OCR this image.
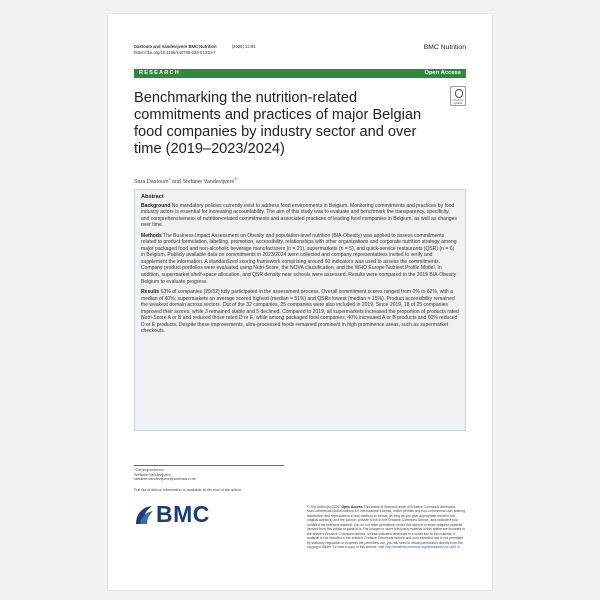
Dastoum and Vandevijvere BMC Nutrition	(2026) 12:84
https://doi.org/10.1186/s40795-026-01310-7
BMC Nutrition
RESEARCH	Open Access
Benchmarking the nutrition-related commitments and practices of major Belgian food companies by industry sector and over time (2019–2023/2024)
Check for updates
Sara Dastoum$^1$ and Stefanie Vandevijvere$^{1*}$
Abstract

Background No mandatory policies currently exist to address food environments in Belgium. Monitoring commitments and practices by food industry actors is essential for increasing accountability. The aim of this study was to evaluate and benchmark the transparency, specificity, and comprehensiveness of nutrition-related commitments and associated practices of leading food companies in Belgium, as well as changes over time.

Methods The Business Impact Assessment on Obesity and population-level nutrition (BIA-Obesity) was applied to assess commitments related to product formulation, labelling, promotion, accessibility, relationships with other organizations and corporate nutrition strategy among major packaged food and non-alcoholic beverage manufacturers (n = 21), supermarkets (n = 5), and quick-service restaurants (QSR) (n = 6) in Belgium. Publicly available data on commitments in 2023/2024 were collected and company representatives invited to verify and supplement the information. A standardized scoring framework comprising around 60 indicators was used to assess the commitments. Company product portfolios were evaluated using Nutri-Score, the NOVA classification, and the WHO Europe Nutrient Profile Model. In addition, supermarket shelf-space allocation, and QSR density near schools were assessed. Results were compared to the 2019 BIA-Obesity Belgium to evaluate progress.

Results 63% of companies (20/32) fully participated in the assessment process. Overall commitment scores ranged from 0% to 82%, with a median of 40%; supermarkets on average scored highest (median = 51%) and QSRs lowest (median = 15%). Product accessibility remained the weakest domain across sectors. Out of the 32 companies, 25 companies were also included in 2019. Since 2019, 18 of 25 companies improved their scores, while 3 remained stable and 5 declined. Compared to 2019, all supermarkets increased the proportion of products rated Nutri-Score A or B and reduced those rated D or E, while among packaged food companies, 40% increased A or B products and 60% reduced D or E products. Despite these improvements, ultra-processed foods remained prominent in high prominence areas, such as supermarket checkouts.

*Correspondence:
Stefanie Vandevijvere
stefanie.vandevijvere@sciensano.be
Full list of author information is available at the end of the article
BMC	© The Author(s) 2026. Open Access This article is licensed under a Creative Commons Attribution-NonCommercial-NoDerivatives 4.0 International License, which permits any non-commercial use, sharing, distribution and reproduction in any medium or format, as long as you give appropriate credit to the original author(s) and the source, provide a link to the Creative Commons licence, and indicate if you modified the licensed material. You do not have permission under this licence to share adapted material derived from this article or parts of it. The images or other third party material in this article are included in the article's Creative Commons licence, unless indicated otherwise in a credit line to the material. If material is not included in the article's Creative Commons licence and your intended use is not permitted by statutory regulation or exceeds the permitted use, you will need to obtain permission directly from the copyright holder. To view a copy of this licence, visit http://creativecommons.org/licenses/by-nc-nd/4.0/.
